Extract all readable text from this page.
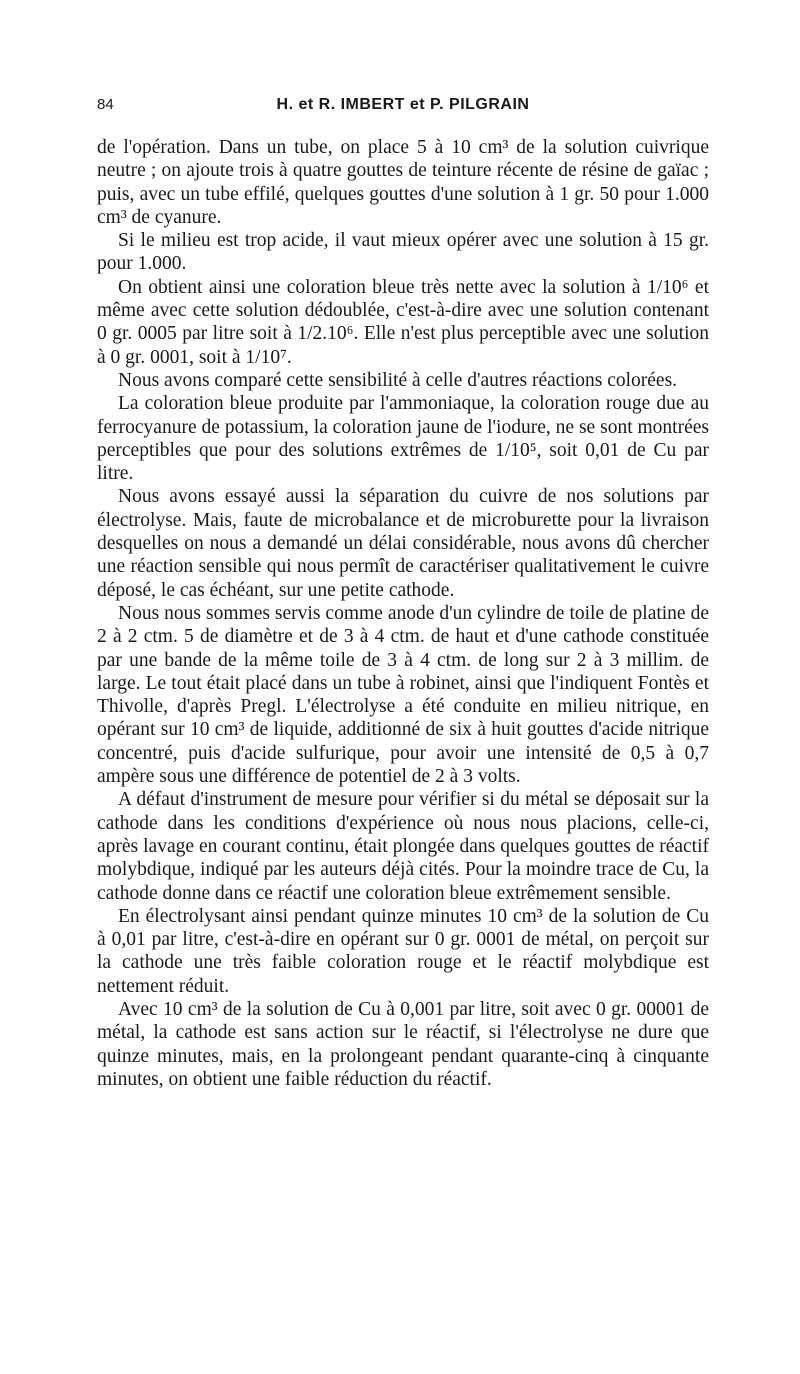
84	H. et R. IMBERT et P. PILGRAIN

de l'opération. Dans un tube, on place 5 à 10 cm³ de la solution cuivrique neutre ; on ajoute trois à quatre gouttes de teinture récente de résine de gaïac ; puis, avec un tube effilé, quelques gouttes d'une solution à 1 gr. 50 pour 1.000 cm³ de cyanure.

Si le milieu est trop acide, il vaut mieux opérer avec une solution à 15 gr. pour 1.000.

On obtient ainsi une coloration bleue très nette avec la solution à 1/10⁶ et même avec cette solution dédoublée, c'est-à-dire avec une solution contenant 0 gr. 0005 par litre soit à 1/2.10⁶. Elle n'est plus perceptible avec une solution à 0 gr. 0001, soit à 1/10⁷.

Nous avons comparé cette sensibilité à celle d'autres réactions colorées.

La coloration bleue produite par l'ammoniaque, la coloration rouge due au ferrocyanure de potassium, la coloration jaune de l'iodure, ne se sont montrées perceptibles que pour des solutions extrêmes de 1/10⁵, soit 0,01 de Cu par litre.

Nous avons essayé aussi la séparation du cuivre de nos solutions par électrolyse. Mais, faute de microbalance et de microburette pour la livraison desquelles on nous a demandé un délai considérable, nous avons dû chercher une réaction sensible qui nous permît de caractériser qualitativement le cuivre déposé, le cas échéant, sur une petite cathode.

Nous nous sommes servis comme anode d'un cylindre de toile de platine de 2 à 2 ctm. 5 de diamètre et de 3 à 4 ctm. de haut et d'une cathode constituée par une bande de la même toile de 3 à 4 ctm. de long sur 2 à 3 millim. de large. Le tout était placé dans un tube à robinet, ainsi que l'indiquent Fontès et Thivolle, d'après Pregl. L'électrolyse a été conduite en milieu nitrique, en opérant sur 10 cm³ de liquide, additionné de six à huit gouttes d'acide nitrique concentré, puis d'acide sulfurique, pour avoir une intensité de 0,5 à 0,7 ampère sous une différence de potentiel de 2 à 3 volts.

A défaut d'instrument de mesure pour vérifier si du métal se déposait sur la cathode dans les conditions d'expérience où nous nous placions, celle-ci, après lavage en courant continu, était plongée dans quelques gouttes de réactif molybdique, indiqué par les auteurs déjà cités. Pour la moindre trace de Cu, la cathode donne dans ce réactif une coloration bleue extrêmement sensible.

En électrolysant ainsi pendant quinze minutes 10 cm³ de la solution de Cu à 0,01 par litre, c'est-à-dire en opérant sur 0 gr. 0001 de métal, on perçoit sur la cathode une très faible coloration rouge et le réactif molybdique est nettement réduit.

Avec 10 cm³ de la solution de Cu à 0,001 par litre, soit avec 0 gr. 00001 de métal, la cathode est sans action sur le réactif, si l'électrolyse ne dure que quinze minutes, mais, en la prolongeant pendant quarante-cinq à cinquante minutes, on obtient une faible réduction du réactif.
